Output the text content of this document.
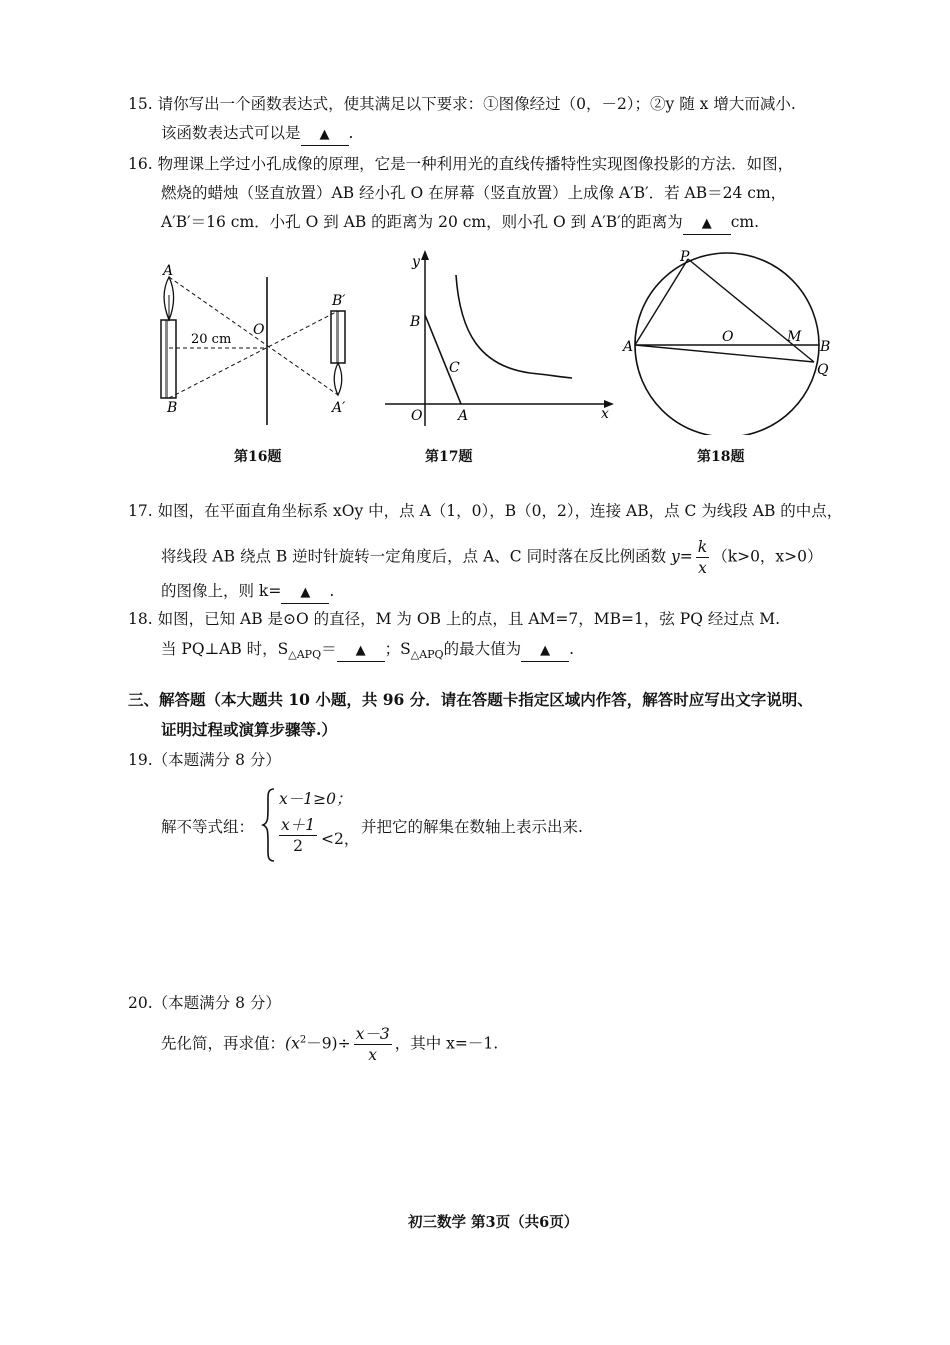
15. 请你写出一个函数表达式，使其满足以下要求：①图像经过（0，－2）；②y 随 x 增大而减小.
该函数表达式可以是 ▲ .
16. 物理课上学过小孔成像的原理，它是一种利用光的直线传播特性实现图像投影的方法．如图，
燃烧的蜡烛（竖直放置）AB 经小孔 O 在屏幕（竖直放置）上成像 A′B′．若 AB＝24 cm，
A′B′＝16 cm．小孔 O 到 AB 的距离为 20 cm，则小孔 O 到 A′B′的距离为 ▲ cm.
A
B
O
A′
B′
20 cm
第16题
y
x
B
C
O	A
第17题
P
A
O	M
B
Q
第18题
17. 如图，在平面直角坐标系 xOy 中，点 A（1，0），B（0，2），连接 AB，点 C 为线段 AB 的中点，
将线段 AB 绕点 B 逆时针旋转一定角度后，点 A、C 同时落在反比例函数 $y= \frac{k}{x} (k>0$，x>0）
的图像上，则 k= ▲ .
18. 如图，已知 AB 是⊙O 的直径，M 为 OB 上的点，且 AM=7，MB=1，弦 PQ 经过点 M.
当 PQ⊥AB 时，$S_{\triangle APQ}=$ ▲ ；$S_{\triangle APQ}$的最大值为 ▲ .
三、解答题（本大题共 10 小题，共 96 分．请在答题卡指定区域内作答，解答时应写出文字说明、
证明过程或演算步骤等.）
19.（本题满分 8 分）
解不等式组：
x－1≥0；
$\frac{x+1}{2} <2$，
并把它的解集在数轴上表示出来.
20.（本题满分 8 分）
先化简，再求值：$(x^2-9)\div \frac{x-3}{x}$ ，其中 x=－1.
初三数学 第3页（共6页）
